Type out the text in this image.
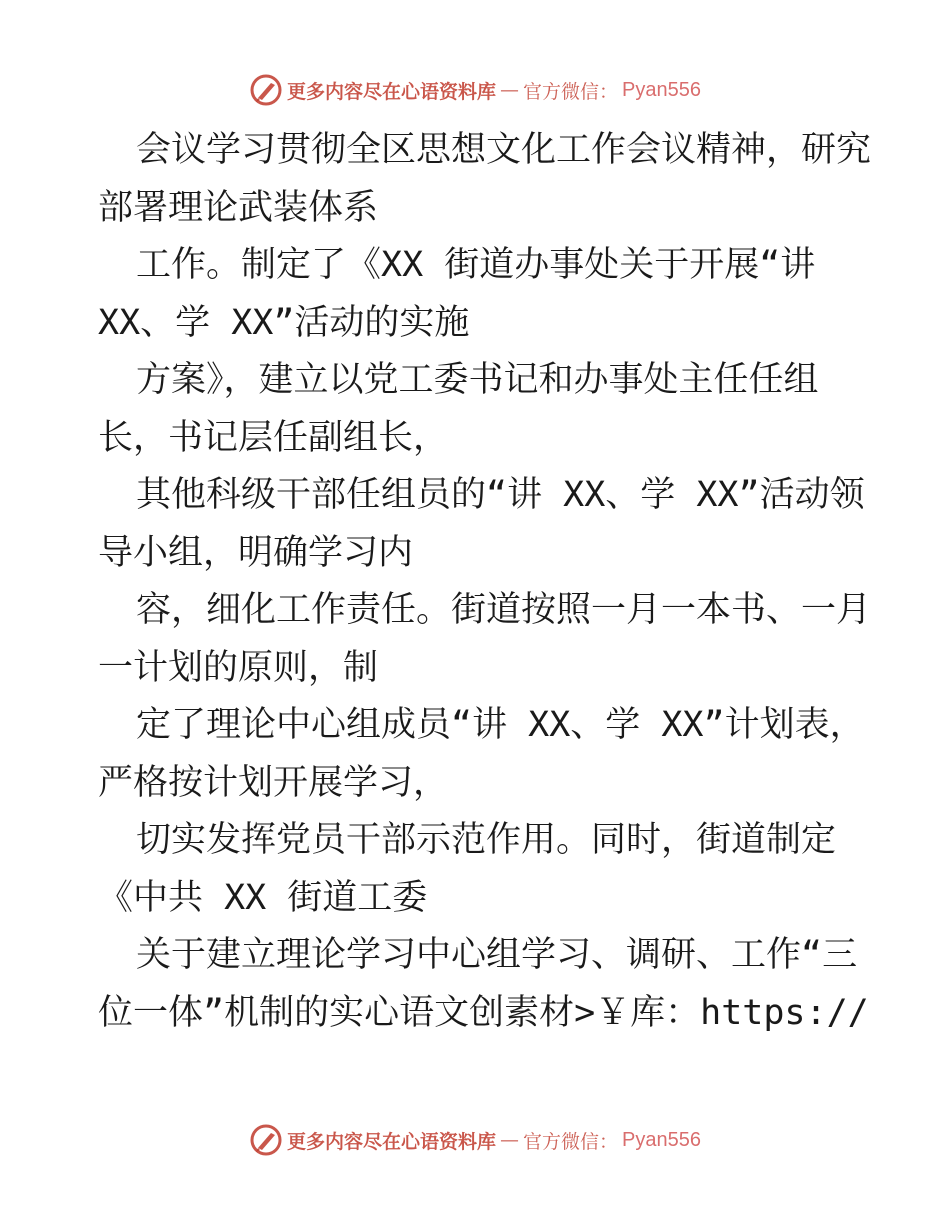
更多内容尽在心语资料库 — 官方微信： Pyan556
会议学习贯彻全区思想文化工作会议精神，研究
部署理论武装体系
工作。制定了《XX 街道办事处关于开展“讲
XX、学 XX”活动的实施
方案》，建立以党工委书记和办事处主任任组
长，书记层任副组长，
其他科级干部任组员的“讲 XX、学 XX”活动领
导小组，明确学习内
容，细化工作责任。街道按照一月一本书、一月
一计划的原则，制
定了理论中心组成员“讲 XX、学 XX”计划表，
严格按计划开展学习，
切实发挥党员干部示范作用。同时，街道制定
《中共 XX 街道工委
关于建立理论学习中心组学习、调研、工作“三
位一体”机制的实心语文创素材>￥库：https://
更多内容尽在心语资料库 — 官方微信： Pyan556
